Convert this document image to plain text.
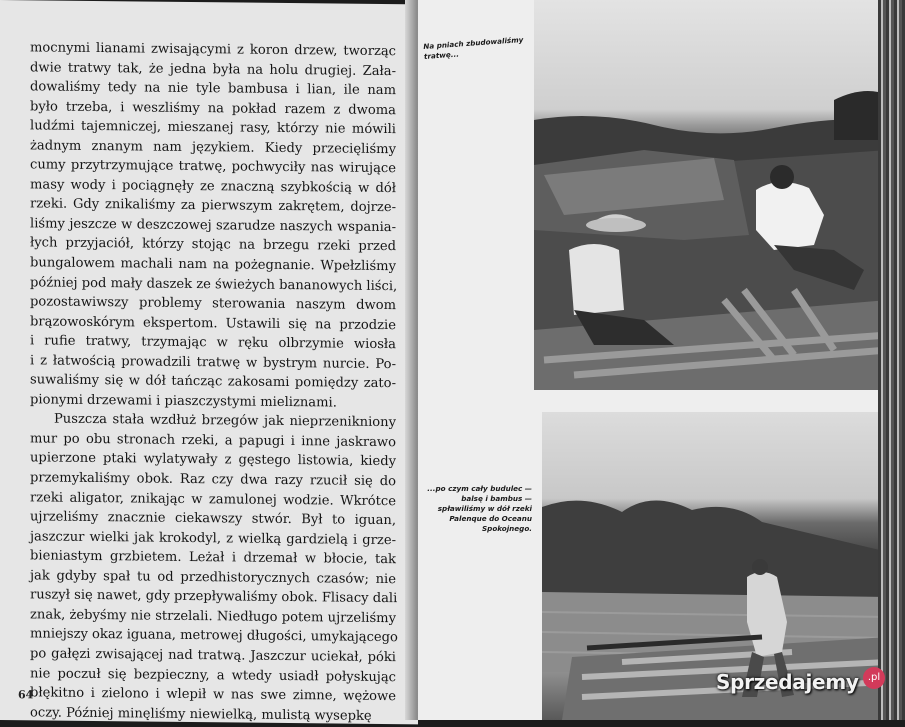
mocnymi lianami zwisającymi z koron drzew, tworząc
dwie tratwy tak, że jedna była na holu drugiej. Zała-
dowaliśmy tedy na nie tyle bambusa i lian, ile nam
było trzeba, i weszliśmy na pokład razem z dwoma
ludźmi tajemniczej, mieszanej rasy, którzy nie mówili
żadnym znanym nam językiem. Kiedy przecięliśmy
cumy przytrzymujące tratwę, pochwyciły nas wirujące
masy wody i pociągnęły ze znaczną szybkością w dół
rzeki. Gdy znikaliśmy za pierwszym zakrętem, dojrze-
liśmy jeszcze w deszczowej szarudze naszych wspania-
łych przyjaciół, którzy stojąc na brzegu rzeki przed
bungalowem machali nam na pożegnanie. Wpełzliśmy
później pod mały daszek ze świeżych bananowych liści,
pozostawiwszy problemy sterowania naszym dwom
brązowoskórym ekspertom. Ustawili się na przodzie
i rufie tratwy, trzymając w ręku olbrzymie wiosła
i z łatwością prowadzili tratwę w bystrym nurcie. Po-
suwaliśmy się w dół tańcząc zakosami pomiędzy zato-
pionymi drzewami i piaszczystymi mieliznami.
Puszcza stała wzdłuż brzegów jak nieprzenikniony
mur po obu stronach rzeki, a papugi i inne jaskrawo
upierzone ptaki wylatywały z gęstego listowia, kiedy
przemykaliśmy obok. Raz czy dwa razy rzucił się do
rzeki aligator, znikając w zamulonej wodzie. Wkrótce
ujrzeliśmy znacznie ciekawszy stwór. Był to iguan,
jaszczur wielki jak krokodyl, z wielką gardzielą i grze-
bieniastym grzbietem. Leżał i drzemał w błocie, tak
jak gdyby spał tu od przedhistorycznych czasów; nie
ruszył się nawet, gdy przepływaliśmy obok. Flisacy dali
znak, żebyśmy nie strzelali. Niedługo potem ujrzeliśmy
mniejszy okaz iguana, metrowej długości, umykającego
po gałęzi zwisającej nad tratwą. Jaszczur uciekał, póki
nie poczuł się bezpieczny, a wtedy usiadł połyskując
błękitno i zielono i wlepił w nas swe zimne, wężowe
oczy. Później minęliśmy niewielką, mulistą wysepkę
64
Na pniach zbudowaliśmy tratwę...
...po czym cały budulec — balsę i bambus — spławiliśmy w dół rzeki Palenque do Oceanu Spokojnego.
Sprzedajemy .pl
